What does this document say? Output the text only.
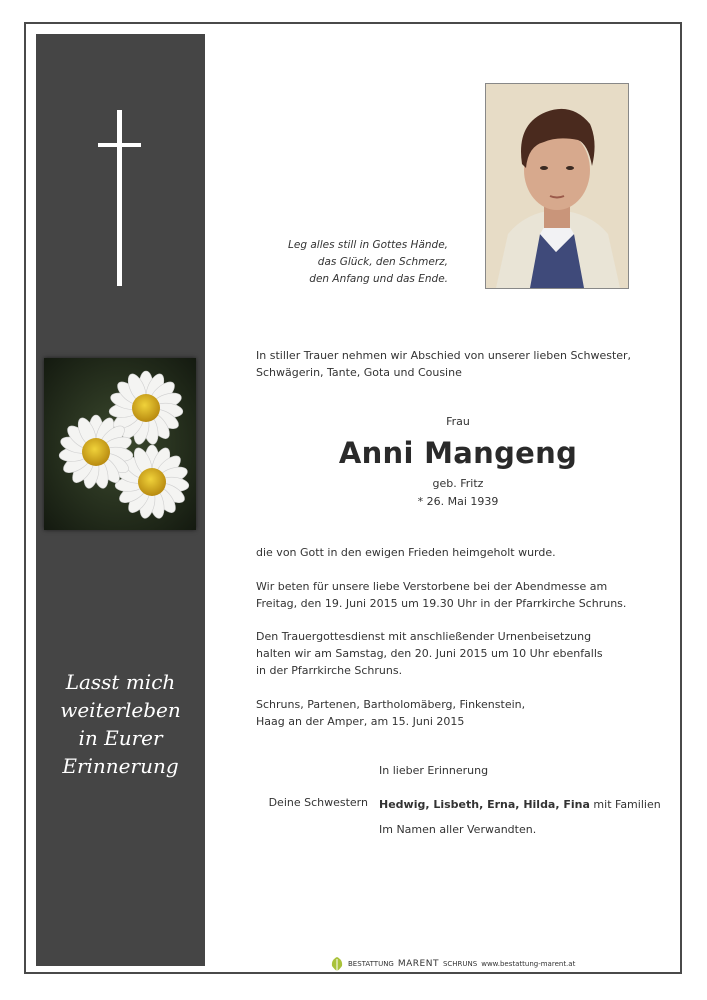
Lasst mich
weiterleben
in Eurer
Erinnerung
Leg alles still in Gottes Hände,
das Glück, den Schmerz,
den Anfang und das Ende.
In stiller Trauer nehmen wir Abschied von unserer lieben Schwester,
Schwägerin, Tante, Gota und Cousine
Frau
Anni Mangeng
geb. Fritz
* 26. Mai 1939
die von Gott in den ewigen Frieden heimgeholt wurde.
Wir beten für unsere liebe Verstorbene bei der Abendmesse am
Freitag, den 19. Juni 2015 um 19.30 Uhr in der Pfarrkirche Schruns.
Den Trauergottesdienst mit anschließender Urnenbeisetzung
halten wir am Samstag, den 20. Juni 2015 um 10 Uhr ebenfalls
in der Pfarrkirche Schruns.
Schruns, Partenen, Bartholomäberg, Finkenstein,
Haag an der Amper, am 15. Juni 2015
In lieber Erinnerung
Deine Schwestern Hedwig, Lisbeth, Erna, Hilda, Fina mit Familien
Im Namen aller Verwandten.
BESTATTUNG MARENT SCHRUNS www.bestattung-marent.at
